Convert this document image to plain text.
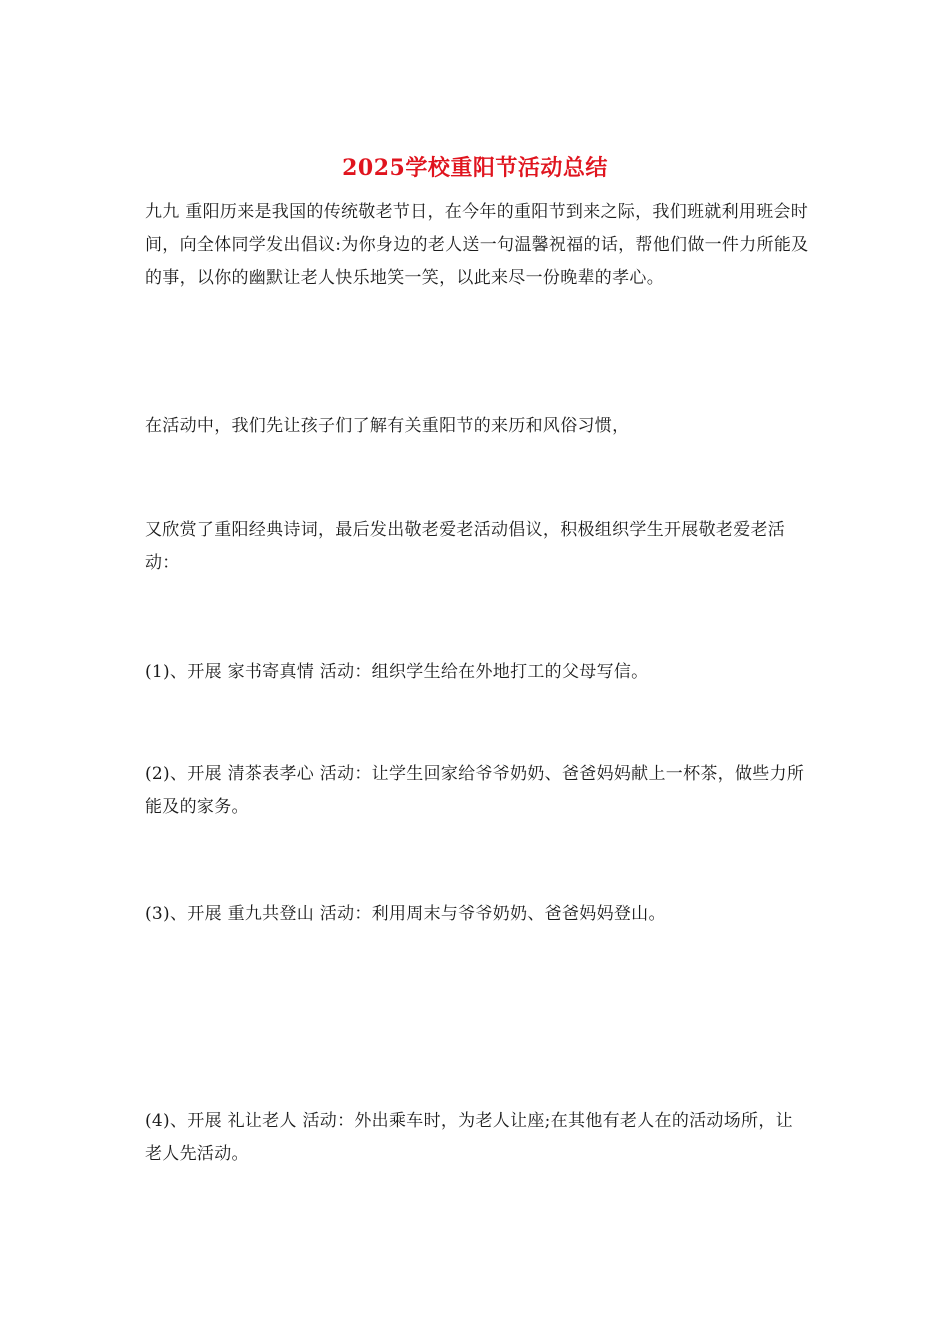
2025学校重阳节活动总结

九九 重阳历来是我国的传统敬老节日，在今年的重阳节到来之际，我们班就利用班会时间，向全体同学发出倡议:为你身边的老人送一句温馨祝福的话，帮他们做一件力所能及的事，以你的幽默让老人快乐地笑一笑，以此来尽一份晚辈的孝心。

在活动中，我们先让孩子们了解有关重阳节的来历和风俗习惯，

又欣赏了重阳经典诗词，最后发出敬老爱老活动倡议，积极组织学生开展敬老爱老活动：

(1)、开展 家书寄真情 活动：组织学生给在外地打工的父母写信。

(2)、开展 清茶表孝心 活动：让学生回家给爷爷奶奶、爸爸妈妈献上一杯茶，做些力所能及的家务。

(3)、开展 重九共登山 活动：利用周末与爷爷奶奶、爸爸妈妈登山。

(4)、开展 礼让老人 活动：外出乘车时，为老人让座;在其他有老人在的活动场所，让老人先活动。
